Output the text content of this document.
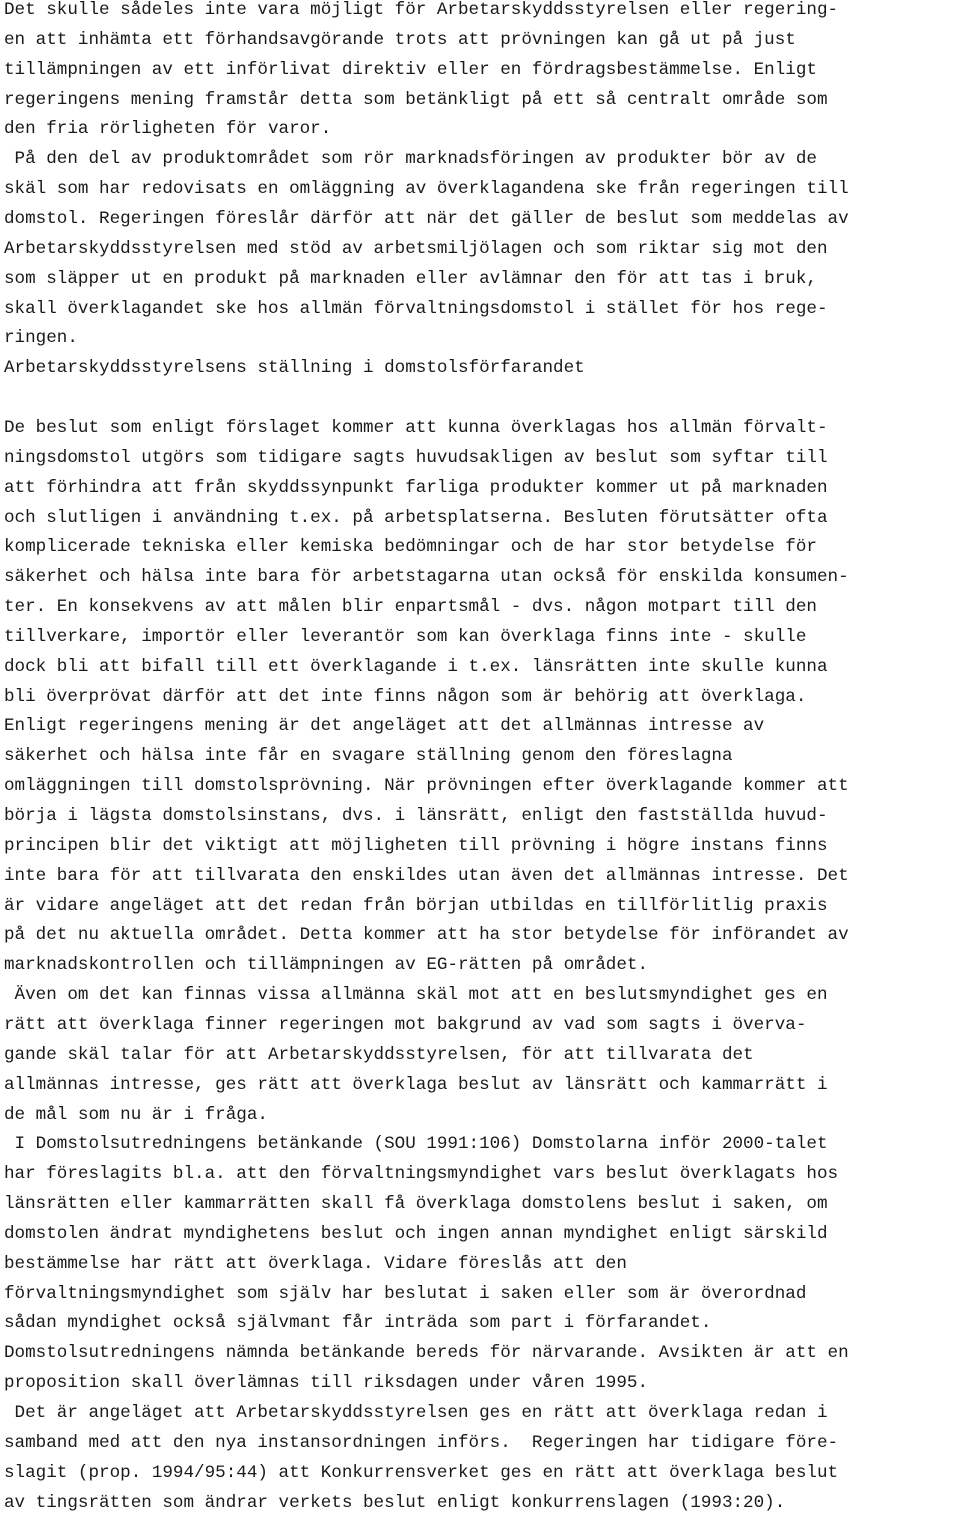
Det skulle sådeles inte vara möjligt för Arbetarskyddsstyrelsen eller regering-

en att inhämta ett förhandsavgörande trots att prövningen kan gå ut på just

tillämpningen av ett införlivat direktiv eller en fördragsbestämmelse. Enligt

regeringens mening framstår detta som betänkligt på ett så centralt område som

den fria rörligheten för varor.

På den del av produktområdet som rör marknadsföringen av produkter bör av de

skäl som har redovisats en omläggning av överklagandena ske från regeringen till

domstol. Regeringen föreslår därför att när det gäller de beslut som meddelas av

Arbetarskyddsstyrelsen med stöd av arbetsmiljölagen och som riktar sig mot den

som släpper ut en produkt på marknaden eller avlämnar den för att tas i bruk,

skall överklagandet ske hos allmän förvaltningsdomstol i stället för hos rege-

ringen.

Arbetarskyddsstyrelsens ställning i domstolsförfarandet

De beslut som enligt förslaget kommer att kunna överklagas hos allmän förvalt-

ningsdomstol utgörs som tidigare sagts huvudsakligen av beslut som syftar till

att förhindra att från skyddssynpunkt farliga produkter kommer ut på marknaden

och slutligen i användning t.ex. på arbetsplatserna. Besluten förutsätter ofta

komplicerade tekniska eller kemiska bedömningar och de har stor betydelse för

säkerhet och hälsa inte bara för arbetstagarna utan också för enskilda konsumen-

ter. En konsekvens av att målen blir enpartsmål - dvs. någon motpart till den

tillverkare, importör eller leverantör som kan överklaga finns inte - skulle

dock bli att bifall till ett överklagande i t.ex. länsrätten inte skulle kunna

bli överprövat därför att det inte finns någon som är behörig att överklaga.

Enligt regeringens mening är det angeläget att det allmännas intresse av

säkerhet och hälsa inte får en svagare ställning genom den föreslagna

omläggningen till domstolsprövning. När prövningen efter överklagande kommer att

börja i lägsta domstolsinstans, dvs. i länsrätt, enligt den fastställda huvud-

principen blir det viktigt att möjligheten till prövning i högre instans finns

inte bara för att tillvarata den enskildes utan även det allmännas intresse. Det

är vidare angeläget att det redan från början utbildas en tillförlitlig praxis

på det nu aktuella området. Detta kommer att ha stor betydelse för införandet av

marknadskontrollen och tillämpningen av EG-rätten på området.

Även om det kan finnas vissa allmänna skäl mot att en beslutsmyndighet ges en

rätt att överklaga finner regeringen mot bakgrund av vad som sagts i överva-

gande skäl talar för att Arbetarskyddsstyrelsen, för att tillvarata det

allmännas intresse, ges rätt att överklaga beslut av länsrätt och kammarrätt i

de mål som nu är i fråga.

I Domstolsutredningens betänkande (SOU 1991:106) Domstolarna inför 2000-talet

har föreslagits bl.a. att den förvaltningsmyndighet vars beslut överklagats hos

länsrätten eller kammarrätten skall få överklaga domstolens beslut i saken, om

domstolen ändrat myndighetens beslut och ingen annan myndighet enligt särskild

bestämmelse har rätt att överklaga. Vidare föreslås att den

förvaltningsmyndighet som själv har beslutat i saken eller som är överordnad

sådan myndighet också självmant får inträda som part i förfarandet.

Domstolsutredningens nämnda betänkande bereds för närvarande. Avsikten är att en

proposition skall överlämnas till riksdagen under våren 1995.

Det är angeläget att Arbetarskyddsstyrelsen ges en rätt att överklaga redan i

samband med att den nya instansordningen införs.  Regeringen har tidigare före-

slagit (prop. 1994/95:44) att Konkurrensverket ges en rätt att överklaga beslut

av tingsrätten som ändrar verkets beslut enligt konkurrenslagen (1993:20).
